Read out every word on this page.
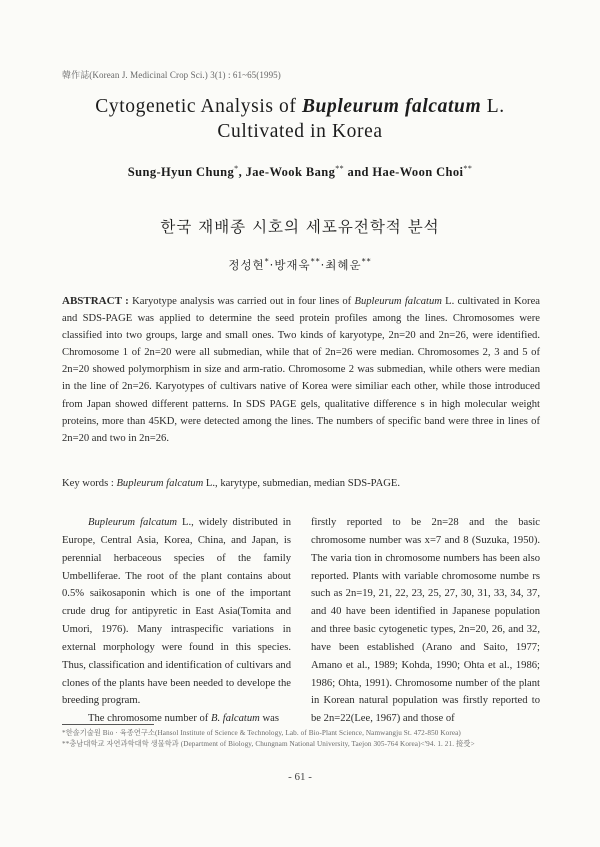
韓作誌(Korean J. Medicinal Crop Sci.) 3(1) : 61~65(1995)
Cytogenetic Analysis of Bupleurum falcatum L.
Cultivated in Korea
Sung-Hyun Chung*, Jae-Wook Bang** and Hae-Woon Choi**
한국 재배종 시호의 세포유전학적 분석
정성현*·방재욱**·최혜운**
ABSTRACT : Karyotype analysis was carried out in four lines of Bupleurum falcatum L. cultivated in Korea and SDS-PAGE was applied to determine the seed protein profiles among the lines. Chromosomes were classified into two groups, large and small ones. Two kinds of karyotype, 2n=20 and 2n=26, were identified. Chromosome 1 of 2n=20 were all submedian, while that of 2n=26 were median. Chromosomes 2, 3 and 5 of 2n=20 showed polymorphism in size and arm-ratio. Chromosome 2 was submedian, while others were median in the line of 2n=26. Karyotypes of cultivars native of Korea were similiar each other, while those introduced from Japan showed different patterns. In SDS PAGE gels, qualitative difference s in high molecular weight proteins, more than 45KD, were detected among the lines. The numbers of specific band were three in lines of 2n=20 and two in 2n=26.
Key words : Bupleurum falcatum L., karytype, submedian, median SDS-PAGE.

Bupleurum falcatum L., widely distributed in Europe, Central Asia, Korea, China, and Japan, is perennial herbaceous species of the family Umbelliferae. The root of the plant contains about 0.5% saikosaponin which is one of the important crude drug for antipyretic in East Asia(Tomita and Umori, 1976). Many intraspecific variations in external morphology were found in this species. Thus, classification and identification of cultivars and clones of the plants have been needed to develope the breeding program.

The chromosome number of B. falcatum was

firstly reported to be 2n=28 and the basic chromosome number was x=7 and 8 (Suzuka, 1950). The varia tion in chromosome numbers has been also reported. Plants with variable chromosome numbe rs such as 2n=19, 21, 22, 23, 25, 27, 30, 31, 33, 34, 37, and 40 have been identified in Japanese population and three basic cytogenetic types, 2n=20, 26, and 32, have been established (Arano and Saito, 1977; Amano et al., 1989; Kohda, 1990; Ohta et al., 1986; 1986; Ohta, 1991). Chromosome number of the plant in Korean natural population was firstly reported to be 2n=22(Lee, 1967) and those of

*한솔기술원 Bio · 육종연구소(Hansol Institute of Science & Technology, Lab. of Bio-Plant Science, Namwangju St. 472-850 Korea)
**충남대학교 자연과학대학 생물학과 (Department of Biology, Chungnam National University, Taejon 305-764 Korea)<'94. 1. 21. 接受>
- 61 -
